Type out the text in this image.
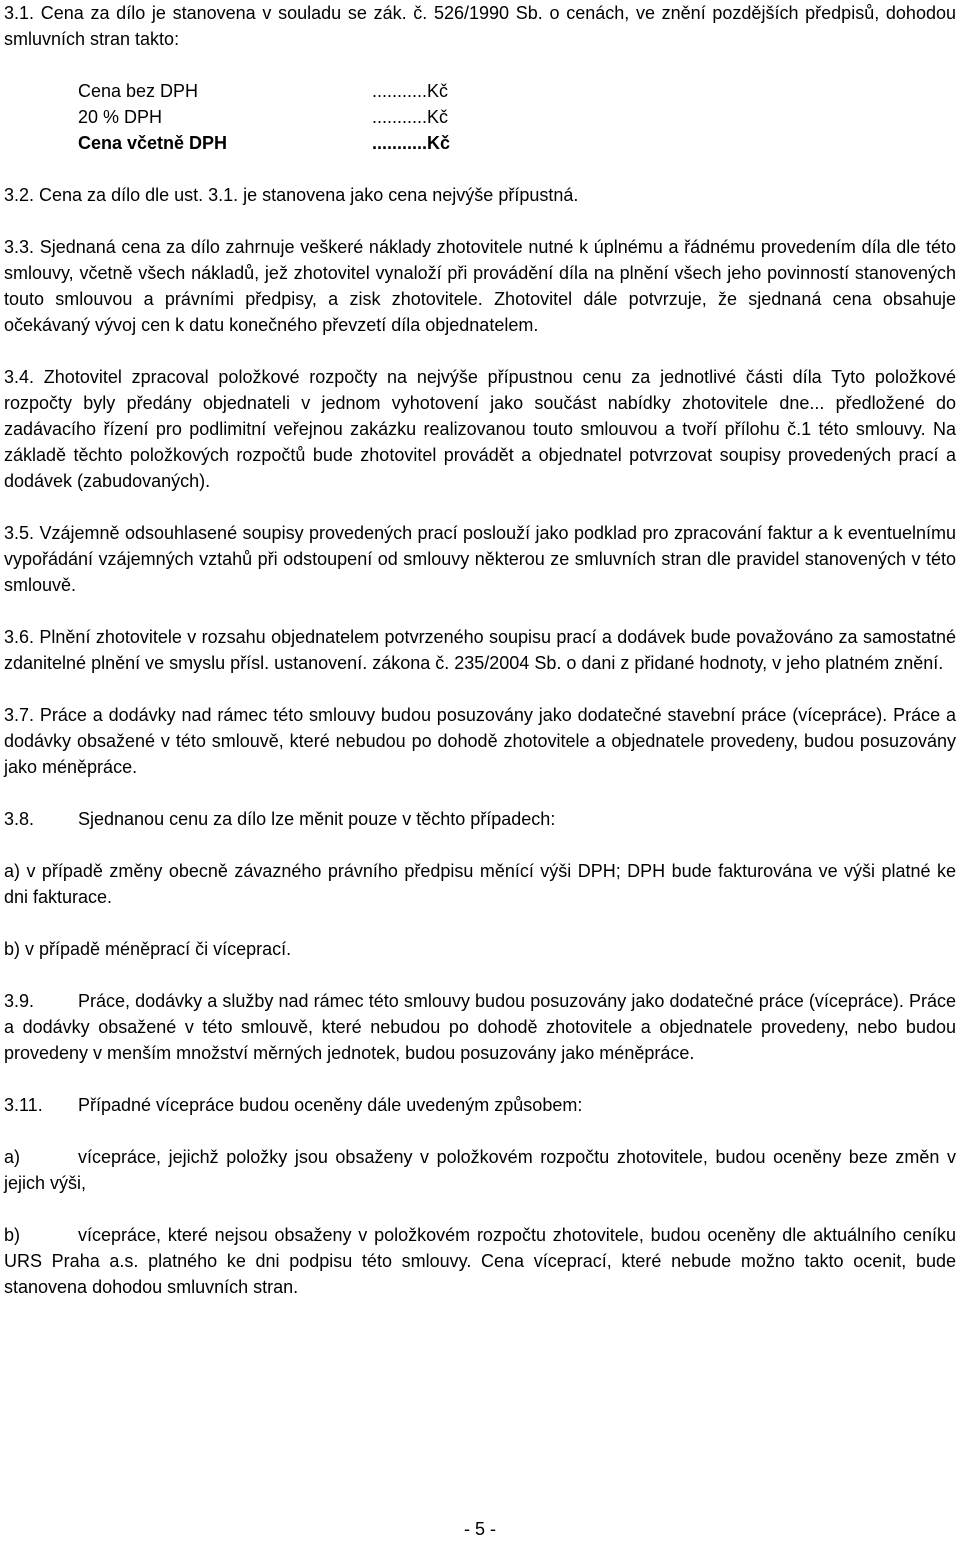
3.1. Cena za dílo je stanovena v souladu se zák. č. 526/1990 Sb. o cenách, ve znění pozdějších předpisů, dohodou smluvních stran takto:

Cena bez DPH	...........Kč
20 % DPH	...........Kč
Cena včetně DPH	...........Kč

3.2. Cena za dílo dle ust. 3.1. je stanovena jako cena nejvýše přípustná.

3.3. Sjednaná cena za dílo zahrnuje veškeré náklady zhotovitele nutné k úplnému a řádnému provedením díla dle této smlouvy, včetně všech nákladů, jež zhotovitel vynaloží při provádění díla na plnění všech jeho povinností stanovených touto smlouvou a právními předpisy, a zisk zhotovitele. Zhotovitel dále potvrzuje, že sjednaná cena obsahuje očekávaný vývoj cen k datu konečného převzetí díla objednatelem.

3.4. Zhotovitel zpracoval položkové rozpočty na nejvýše přípustnou cenu za jednotlivé části díla Tyto položkové rozpočty byly předány objednateli v jednom vyhotovení jako součást nabídky zhotovitele dne... předložené do zadávacího řízení pro podlimitní veřejnou zakázku realizovanou touto smlouvou a tvoří přílohu č.1 této smlouvy. Na základě těchto položkových rozpočtů bude zhotovitel provádět a objednatel potvrzovat soupisy provedených prací a dodávek (zabudovaných).

3.5. Vzájemně odsouhlasené soupisy provedených prací poslouží jako podklad pro zpracování faktur a k eventuelnímu vypořádání vzájemných vztahů při odstoupení od smlouvy některou ze smluvních stran dle pravidel stanovených v této smlouvě.

3.6. Plnění zhotovitele v rozsahu objednatelem potvrzeného soupisu prací a dodávek bude považováno za samostatné zdanitelné plnění ve smyslu přísl. ustanovení. zákona č. 235/2004 Sb. o dani z přidané hodnoty, v jeho platném znění.

3.7. Práce a dodávky nad rámec této smlouvy budou posuzovány jako dodatečné stavební práce (vícepráce). Práce a dodávky obsažené v této smlouvě, které nebudou po dohodě zhotovitele a objednatele provedeny, budou posuzovány jako méněpráce.

3.8. Sjednanou cenu za dílo lze měnit pouze v těchto případech:

a) v případě změny obecně závazného právního předpisu měnící výši DPH; DPH bude fakturována ve výši platné ke dni fakturace.

b) v případě méněprací či víceprací.

3.9. Práce, dodávky a služby nad rámec této smlouvy budou posuzovány jako dodatečné práce (vícepráce). Práce a dodávky obsažené v této smlouvě, které nebudou po dohodě zhotovitele a objednatele provedeny, nebo budou provedeny v menším množství měrných jednotek, budou posuzovány jako méněpráce.

3.11. Případné vícepráce budou oceněny dále uvedeným způsobem:

a)	vícepráce, jejichž položky jsou obsaženy v položkovém rozpočtu zhotovitele, budou oceněny beze změn v jejich výši,

b)	vícepráce, které nejsou obsaženy v položkovém rozpočtu zhotovitele, budou oceněny dle aktuálního ceníku URS Praha a.s. platného ke dni podpisu této smlouvy. Cena víceprací, které nebude možno takto ocenit, bude stanovena dohodou smluvních stran.

- 5 -
